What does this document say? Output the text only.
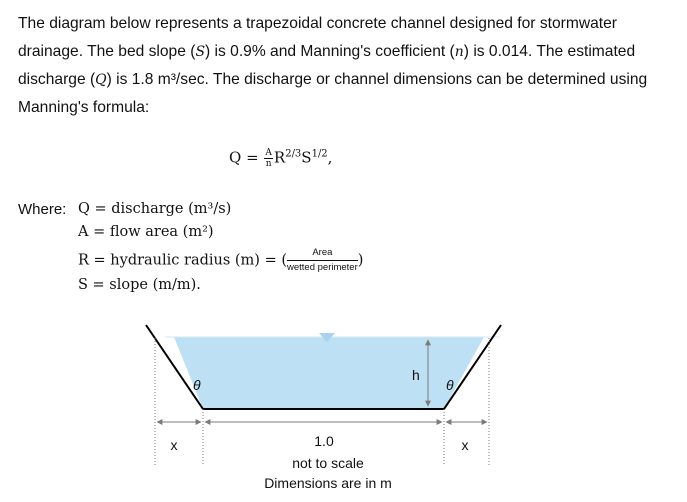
The diagram below represents a trapezoidal concrete channel designed for stormwater drainage. The bed slope (S) is 0.9% and Manning's coefficient (n) is 0.014. The estimated discharge (Q) is 1.8 m³/sec. The discharge or channel dimensions can be determined using Manning's formula:

$Q = \frac{A}{n} R^{2/3}S^{1/2}$,
Where: Q = discharge (m³/s)
A = flow area (m²)
R = hydraulic radius (m) = ( $\frac{\text{Area}}{\text{wetted perimeter}}$ )
S = slope (m/m).
h
θ	θ
x	x
1.0
not to scale
Dimensions are in m
